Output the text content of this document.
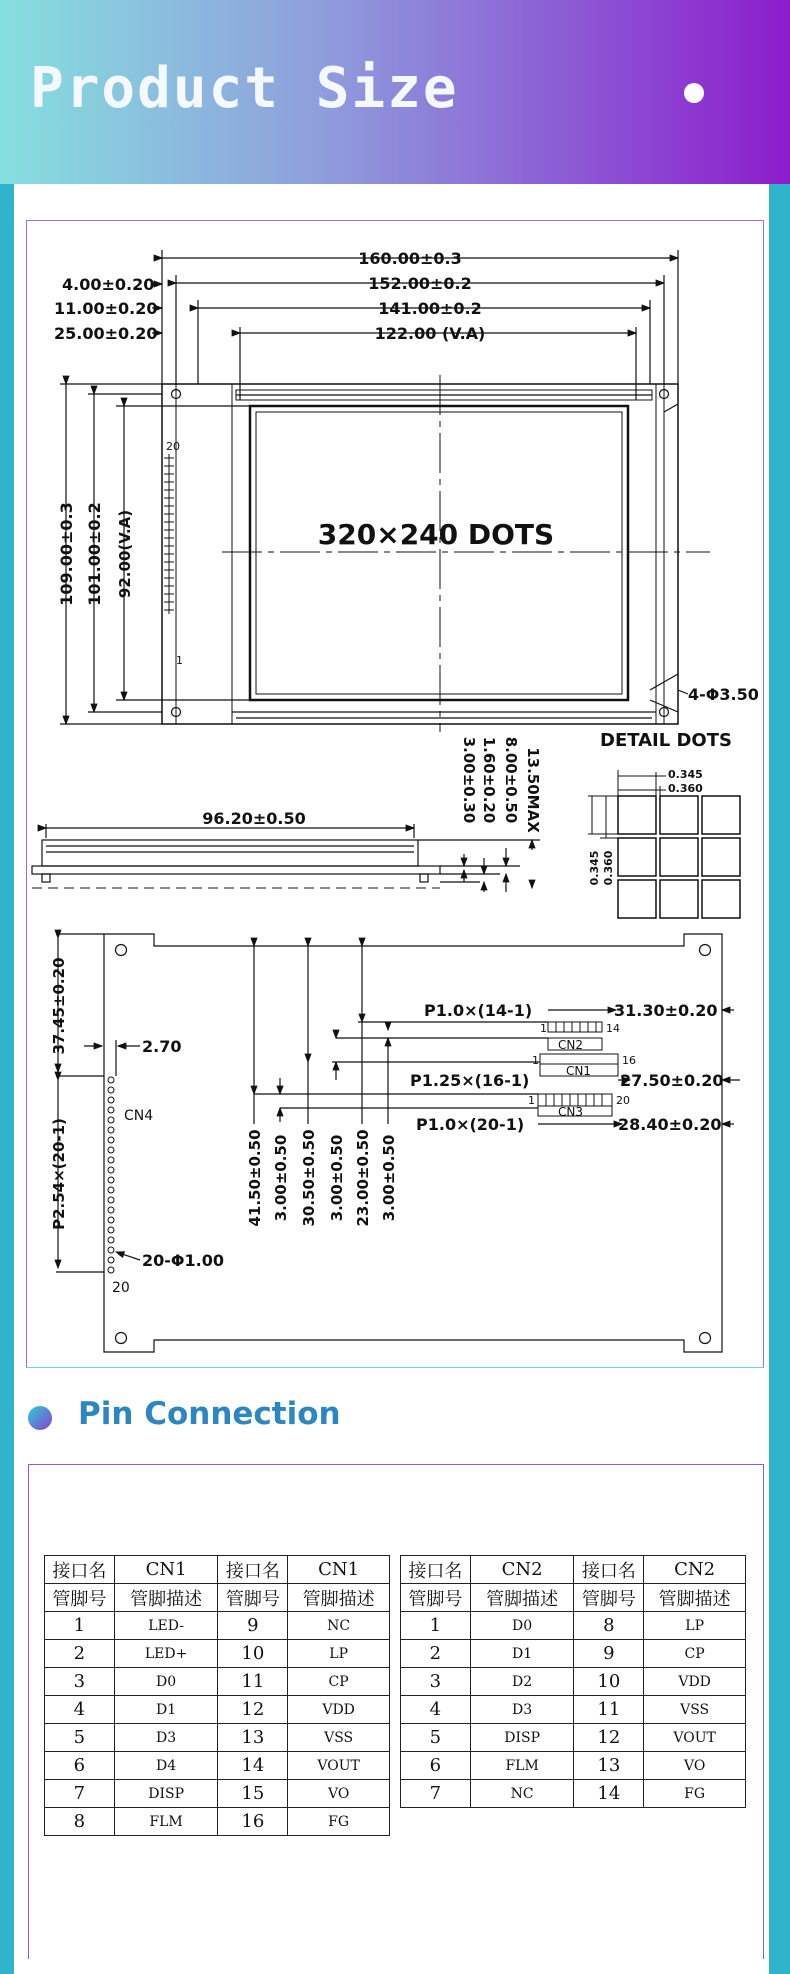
Product Size
160.00±0.3
152.00±0.2
141.00±0.2
122.00 (V.A)
4.00±0.20
11.00±0.20
25.00±0.20
109.00±0.3 101.00±0.2 92.00(V.A)	320×240 DOTS
20
1
4-Φ3.50
DETAIL DOTS
0.345
0.360
0.345 0.360
96.20±0.50	3.00±0.30 1.60±0.20 8.00±0.50 13.50MAX
37.45±0.20	2.70
P2.54×(20-1)
20-Φ1.00
CN4
20
P1.0×(14-1)	31.30±0.20
CN2
1	14
P1.25×(16-1)	27.50±0.20
CN1
1	16
P1.0×(20-1)	28.40±0.20
CN3
1	20
41.50±0.50 3.00±0.50 30.50±0.50 3.00±0.50 23.00±0.50 3.00±0.50
Pin Connection
接口名	CN1	接口名	CN1
管脚号	管脚描述	管脚号	管脚描述
1	LED-	9	NC
2	LED+	10	LP
3	D0	11	CP
4	D1	12	VDD
5	D3	13	VSS
6	D4	14	VOUT
7	DISP	15	VO
8	FLM	16	FG
接口名	CN2	接口名	CN2
管脚号	管脚描述	管脚号	管脚描述
1	D0	8	LP
2	D1	9	CP
3	D2	10	VDD
4	D3	11	VSS
5	DISP	12	VOUT
6	FLM	13	VO
7	NC	14	FG
